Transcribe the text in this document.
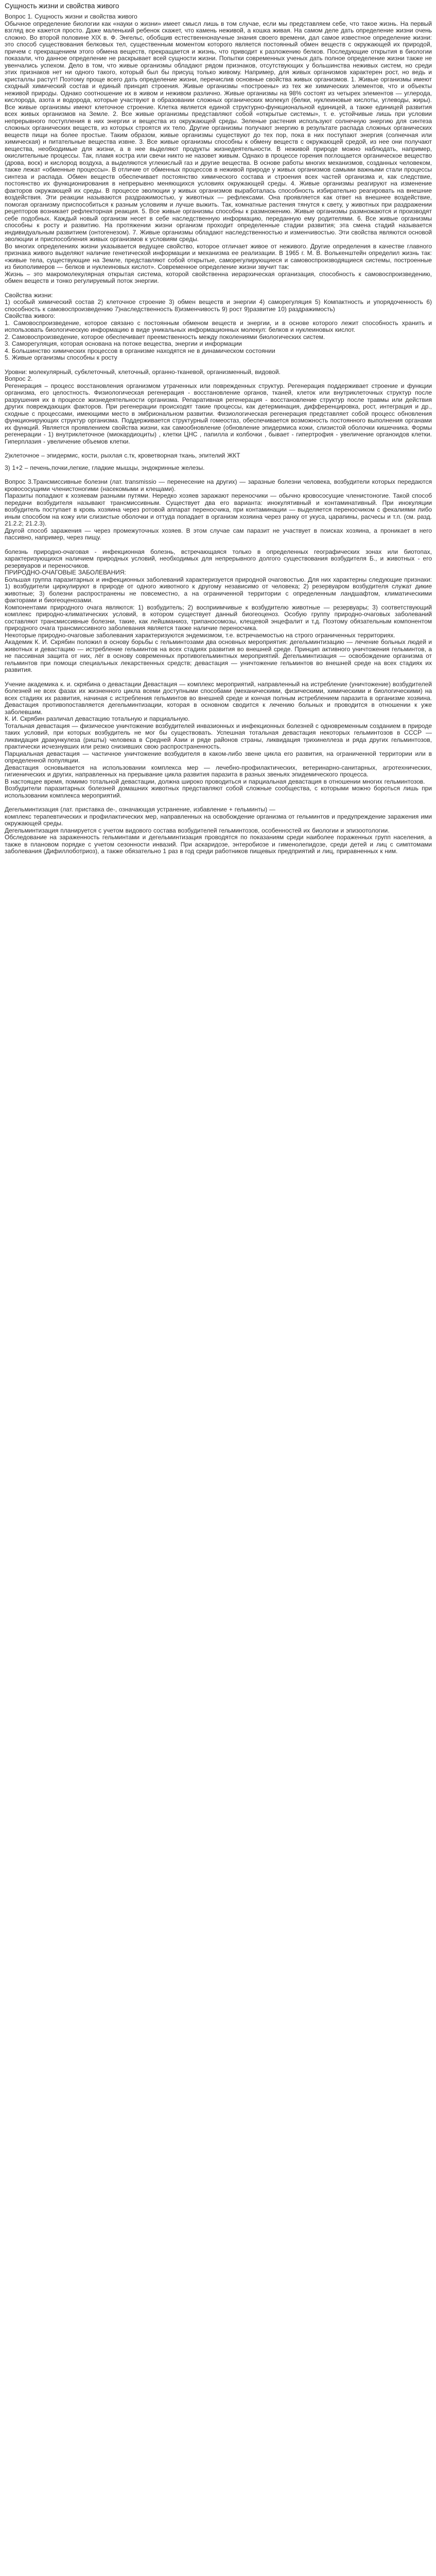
Сущность жизни и свойства живого

Вопрос 1. Сущность жизни и свойства живого

Обычное определение биологии как «науки о жизни» имеет смысл лишь в том случае, если мы представляем себе, что такое жизнь. На первый взгляд все кажется просто. Даже маленький ребенок скажет, что камень неживой, а кошка живая. На самом деле дать определение жизни очень сложно. Во второй половине XIX в. Ф. Энгельс, обобщив естественнонаучные знания своего времени, дал самое известное определение жизни: это способ существования белковых тел, существенным моментом которого является постоянный обмен веществ с окружающей их природой, причем с прекращением этого обмена веществ, прекращается и жизнь, что приводит к разложению белков. Последующие открытия в биологии показали, что данное определение не раскрывает всей сущности жизни. Попытки современных ученых дать полное определение жизни также не увенчались успехом. Дело в том, что живые организмы обладают рядом признаков, отсутствующих у большинства неживых систем, но среди этих признаков нет ни одного такого, который был бы присущ только живому. Например, для живых организмов характерен рост, но ведь и кристаллы растут! Поэтому проще всего дать определение жизни, перечислив основные свойства живых организмов. 1. Живые организмы имеют сходный химический состав и единый принцип строения. Живые организмы «построены» из тех же химических элементов, что и объекты неживой природы. Однако соотношение их в живом и неживом различно. Живые организмы на 98% состоят из четырех элементов — углерода, кислорода, азота и водорода, которые участвуют в образовании сложных органических молекул (белки, нуклеиновые кислоты, углеводы, жиры). Все живые организмы имеют клеточное строение. Клетка является единой структурно-функциональной единицей, а также единицей развития всех живых организмов на Земле. 2. Все живые организмы представляют собой «открытые системы», т. е. устойчивые лишь при условии непрерывного поступления в них энергии и вещества из окружающей среды. Зеленые растения используют солнечную энергию для синтеза сложных органических веществ, из которых строятся их тело. Другие организмы получают энергию в результате распада сложных органических веществ пищи на более простые. Таким образом, живые организмы существуют до тех пор, пока в них поступают энергия (солнечная или химическая) и питательные вещества извне. 3. Все живые организмы способны к обмену веществ с окружающей средой, из нее они получают вещества, необходимые для жизни, а в нее выделяют продукты жизнедеятельности. В неживой природе можно наблюдать, например, окислительные процессы. Так, пламя костра или свечи никто не назовет живым. Однако в процессе горения поглощается органическое вещество (дрова, воск) и кислород воздуха, а выделяются углекислый газ и другие вещества. В основе работы многих механизмов, созданных человеком, также лежат «обменные процессы». В отличие от обменных процессов в неживой природе у живых организмов самыми важными стали процессы синтеза и распада. Обмен веществ обеспечивает постоянство химического состава и строения всех частей организма и, как следствие, постоянство их функционирования в непрерывно меняющихся условиях окружающей среды. 4. Живые организмы реагируют на изменение факторов окружающей их среды. В процессе эволюции у живых организмов выработалась способность избирательно реагировать на внешние воздействия. Эти реакции называются раздражимостью, у животных — рефлексами. Она проявляется как ответ на внешнее воздействие, помогая организму приспособиться к разным условиям и лучше выжить. Так, комнатные растения тянутся к свету, у животных при раздражении рецепторов возникает рефлекторная реакция. 5. Все живые организмы способны к размножению. Живые организмы размножаются и производят себе подобных. Каждый новый организм несет в себе наследственную информацию, переданную ему родителями. 6. Все живые организмы способны к росту и развитию. На протяжении жизни организм проходит определенные стадии развития; эта смена стадий называется индивидуальным развитием (онтогенезом). 7. Живые организмы обладают наследственностью и изменчивостью. Эти свойства являются основой эволюции и приспособления живых организмов к условиям среды.

Во многих определениях жизни указывается ведущее свойство, которое отличает живое от неживого. Другие определения в качестве главного признака живого выделяют наличие генетической информации и механизма ее реализации. В 1965 г. М. В. Волькенштейн определил жизнь так: «живые тела, существующие на Земле, представляют собой открытые, саморегулирующиеся и самовоспроизводящиеся системы, построенные из биополимеров — белков и нуклеиновых кислот». Современное определение жизни звучит так:

Жизнь – это макромолекулярная открытая система, которой свойственна иерархическая организация, способность к самовоспроизведению, обмен веществ и тонко регулируемый поток энергии.

Свойства жизни:

1) особый химический состав 2) клеточное строение 3) обмен веществ и энергии 4) саморегуляция 5) Компактность и упорядоченность 6) способность к самовоспроизведению 7)наследственность 8)изменчивость 9) рост 9)развитие 10) раздражимость)

Свойства живого:

1. Самовоспроизведение, которое связано с постоянным обменом веществ и энергии, и в основе которого лежит способность хранить и использовать биологическую информацию в виде уникальных информационных молекул: белков и нуклеиновых кислот.

2. Самовоспроизведение, которое обеспечивает преемственность между поколениями биологических систем.

3. Саморегуляция, которая основана на потоке вещества, энергии и информации

4. Большинство химических процессов в организме находятся не в динамическом состоянии

5. Живые организмы способны к росту

Уровни: молекулярный, субклеточный, клеточный, органно-тканевой, организменный, видовой.

Вопрос 2.

Регенерация – процесс восстановления организмом утраченных или поврежденных структур. Регенерация поддерживает строение и функции организма, его целостность. Физиологическая регенерация - восстановление органов, тканей, клеток или внутриклеточных структур после разрушения их в процессе жизнедеятельности организма. Репаративная регенерация - восстановление структур после травмы или действия других повреждающих факторов. При регенерации происходят такие процессы, как детерминация, дифференцировка, рост, интеграция и др., сходные с процессами, имеющими место в эмбриональном развитии. Физиологическая регенерация представляет собой процесс обновления функционирующих структур организма. Поддерживается структурный гомеостаз, обеспечивается возможность постоянного выполнения органами их функций. Является проявлением свойства жизни, как самообновление (обновление эпидермиса кожи, слизистой оболочки кишечника. Формы регенерации - 1) внутриклеточное (миокардиоциты) , клетки ЦНС , папилла и колбочки , бывает - гипертрофия - увеличение органоидов клетки. Гиперплазия - увеличение объемов клетки.

2)клеточное – эпидермис, кости, рыхлая с.тк, кроветворная ткань, эпителий ЖКТ

3) 1+2 – печень,почки,легкие, гладкие мышцы, эндокринные железы.

Вопрос 3.Трансмиссивные болезни (лат. transmissio — перенесение на других) — заразные болезни человека, возбудители которых передаются кровососущими членистоногими (насекомыми и клещами).

Паразиты попадают к хозяевам разными путями. Нередко хозяев заражают переносчики — обычно кровососущие членистоногие. Такой способ передачи возбудителя называют трансмиссивным. Существует два его варианта: инокулятивный и контаминативный. При инокуляции возбудитель поступает в кровь хозяина через ротовой аппарат переносчика, при контаминации — выделяется переносчиком с фекалиями либо иным способом на кожу или слизистые оболочки и оттуда попадает в организм хозяина через ранку от укуса, царапины, расчесы и т.п. (см. разд. 21.2.2; 21.2.3).

Другой способ заражения — через промежуточных хозяев. В этом случае сам паразит не участвует в поисках хозяина, а проникает в него пассивно, например, через пищу.

болезнь природно-очаговая - инфекционная болезнь, встречающаяся только в определенных географических зонах или биотопах, характеризующихся наличием природных условий, необходимых для непрерывного долгого существования возбудителя Б., и животных - его резервуаров и переносчиков.

ПРИРОДНО-ОЧАГОВЫЕ ЗАБОЛЕВАНИЯ:

Большая группа паразитарных и инфекционных заболеваний характеризуется природной очаговостью. Для них характерны следующие признаки: 1) возбудители циркулируют в природе от одного животного к другому независимо от человека; 2) резервуаром возбудителя служат дикие животные; 3) болезни распространены не повсеместно, а на ограниченной территории с определенным ландшафтом, климатическими факторами и биогеоценозами.

Компонентами природного очага являются: 1) возбудитель; 2) восприимчивые к возбудителю животные — резервуары; 3) соответствующий комплекс природно-климатических условий, в котором существует данный биогеоценоз. Особую группу природно-очаговых заболеваний составляют трансмиссивные болезни, такие, как лейшманиоз, трипаносомозы, клещевой энцефалит и т.д. Поэтому обязательным компонентом природного очага трансмиссивного заболевания является также наличие переносчика.

Некоторые природно-очаговые заболевания характеризуются эндемизмом, т.е. встречаемостью на строго ограниченных территориях.

Академик К. И. Скрябин положил в основу борьбы с гельминтозами два основных мероприятия: дегельминтизацию — лечение больных людей и животных и девастацию — истребление гельминтов на всех стадиях развития во внешней среде. Принцип активного уничтожения гельминтов, а не пассивная защита от них, лёг в основу современных противогельминтных мероприятий. Дегельминтизация — освобождение организма от гельминтов при помощи специальных лекарственных средств; девастация — уничтожение гельминтов во внешней среде на всех стадиях их развития.

Учение академика к. и. скрябина о девастации Девастация — комплекс мероприятий, направленный на истребление (уничтожение) возбудителей болезней не всех фазах их жизненного цикла всеми доступными способами (механическими, физическими, химическими и биологическими) на всех стадиях их развития, начиная с истребления гельминтов во внешней среде и кончая полным истреблением паразита в организме хозяина. Девастация противопоставляется дегельминтизации, которая в основном сводится к лечению больных и проводится в отношении к уже заболевшим.

К. И. Скрябин различал девастацию тотальную и парциальную.

Тотальная девастация — физическое уничтожение возбудителей инвазионных и инфекционных болезней с одновременным созданием в природе таких условий, при которых возбудитель не мог бы существовать. Успешная тотальная девастация некоторых гельминтозов в СССР — ликвидация дракункулеза (ришты) человека в Средней Азии и ряде районов страны, ликвидация трихинеллеза и ряда других гельминтозов, практически исчезнувших или резко снизивших свою распространенность.

Парциальная девастация — частичное уничтожение возбудителя в каком-либо звене цикла его развития, на ограниченной территории или в определенной популяции.

Девастация основывается на использовании комплекса мер — лечебно-профилактических, ветеринарно-санитарных, агротехнических, гигиенических и других, направленных на прерывание цикла развития паразита в разных звеньях эпидемического процесса.

В настоящее время, помимо тотальной девастации, должна широко проводиться и парциальная девастация в отношении многих гельминтозов.

Возбудители паразитарных болезней домашних животных представляют собой сложные сообщества, с которыми можно бороться лишь при использовании комплекса мероприятий.

Дегельминтизация (лат. приставка de-, означающая устранение, избавление + гельминты) —

комплекс терапевтических и профилактических мер, направленных на освобождение организма от гельминтов и предупреждение заражения ими окружающей среды.

Дегельминтизация планируется с учетом видового состава возбудителей гельминтозов, особенностей их биологии и эпизоотологии.

Обследование на зараженность гельминтами и дегельминтизация проводятся по показаниям среди наиболее пораженных групп населения, а также в плановом порядке с учетом сезонности инвазий. При аскаридозе, энтеробиозе и гименолепидозе, среди детей и лиц с симптомами заболевания (Дифиллоботриоз), а также обязательно 1 раз в год среди работников пищевых предприятий и лиц, приравненных к ним.
